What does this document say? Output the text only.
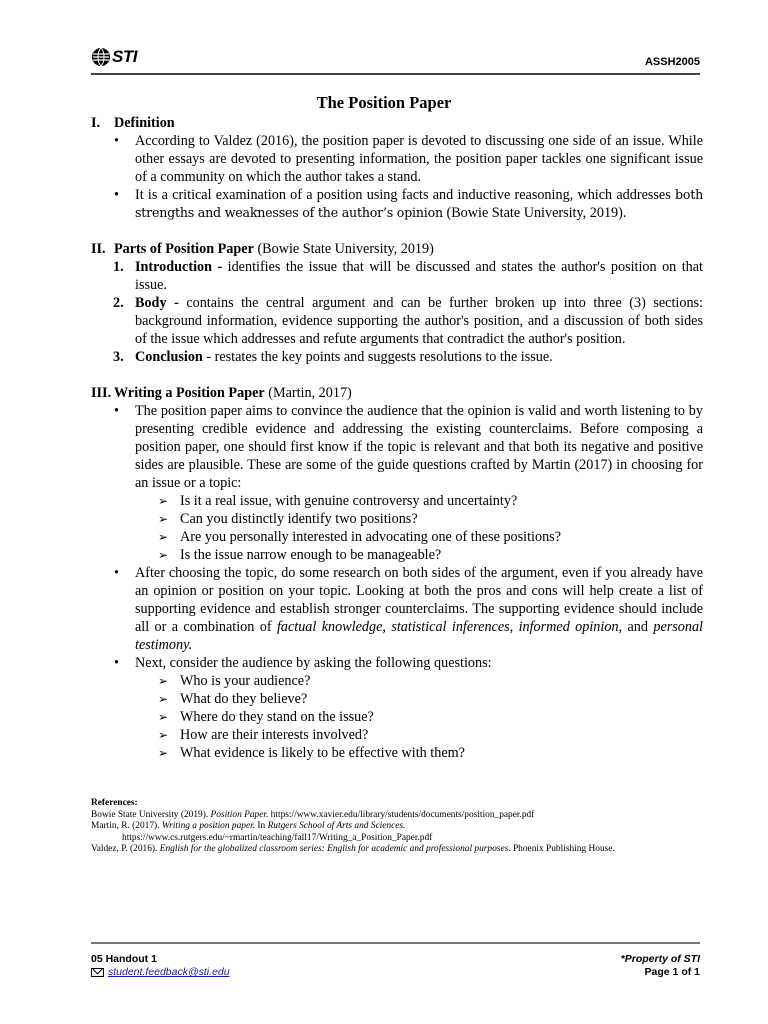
STI	ASSH2005
The Position Paper
I. Definition
• According to Valdez (2016), the position paper is devoted to discussing one side of an issue. While other essays are devoted to presenting information, the position paper tackles one significant issue of a community on which the author takes a stand.
• It is a critical examination of a position using facts and inductive reasoning, which addresses both strengths and weaknesses of the author’s opinion (Bowie State University, 2019).
II. Parts of Position Paper (Bowie State University, 2019)
1. Introduction - identifies the issue that will be discussed and states the author's position on that issue.
2. Body - contains the central argument and can be further broken up into three (3) sections: background information, evidence supporting the author's position, and a discussion of both sides of the issue which addresses and refute arguments that contradict the author's position.
3. Conclusion - restates the key points and suggests resolutions to the issue.
III. Writing a Position Paper (Martin, 2017)
• The position paper aims to convince the audience that the opinion is valid and worth listening to by presenting credible evidence and addressing the existing counterclaims. Before composing a position paper, one should first know if the topic is relevant and that both its negative and positive sides are plausible. These are some of the guide questions crafted by Martin (2017) in choosing for an issue or a topic:
➢ Is it a real issue, with genuine controversy and uncertainty?
➢ Can you distinctly identify two positions?
➢ Are you personally interested in advocating one of these positions?
➢ Is the issue narrow enough to be manageable?
• After choosing the topic, do some research on both sides of the argument, even if you already have an opinion or position on your topic. Looking at both the pros and cons will help create a list of supporting evidence and establish stronger counterclaims. The supporting evidence should include all or a combination of factual knowledge, statistical inferences, informed opinion, and personal testimony.
• Next, consider the audience by asking the following questions:
➢ Who is your audience?
➢ What do they believe?
➢ Where do they stand on the issue?
➢ How are their interests involved?
➢ What evidence is likely to be effective with them?
References:
Bowie State University (2019). Position Paper. https://www.xavier.edu/library/students/documents/position_paper.pdf
Martin, R. (2017). Writing a position paper. In Rutgers School of Arts and Sciences.
https://www.cs.rutgers.edu/~rmartin/teaching/fall17/Writing_a_Position_Paper.pdf
Valdez, P. (2016). English for the globalized classroom series: English for academic and professional purposes. Phoenix Publishing House.
05 Handout 1
student.feedback@sti.edu
*Property of STI
Page 1 of 1
